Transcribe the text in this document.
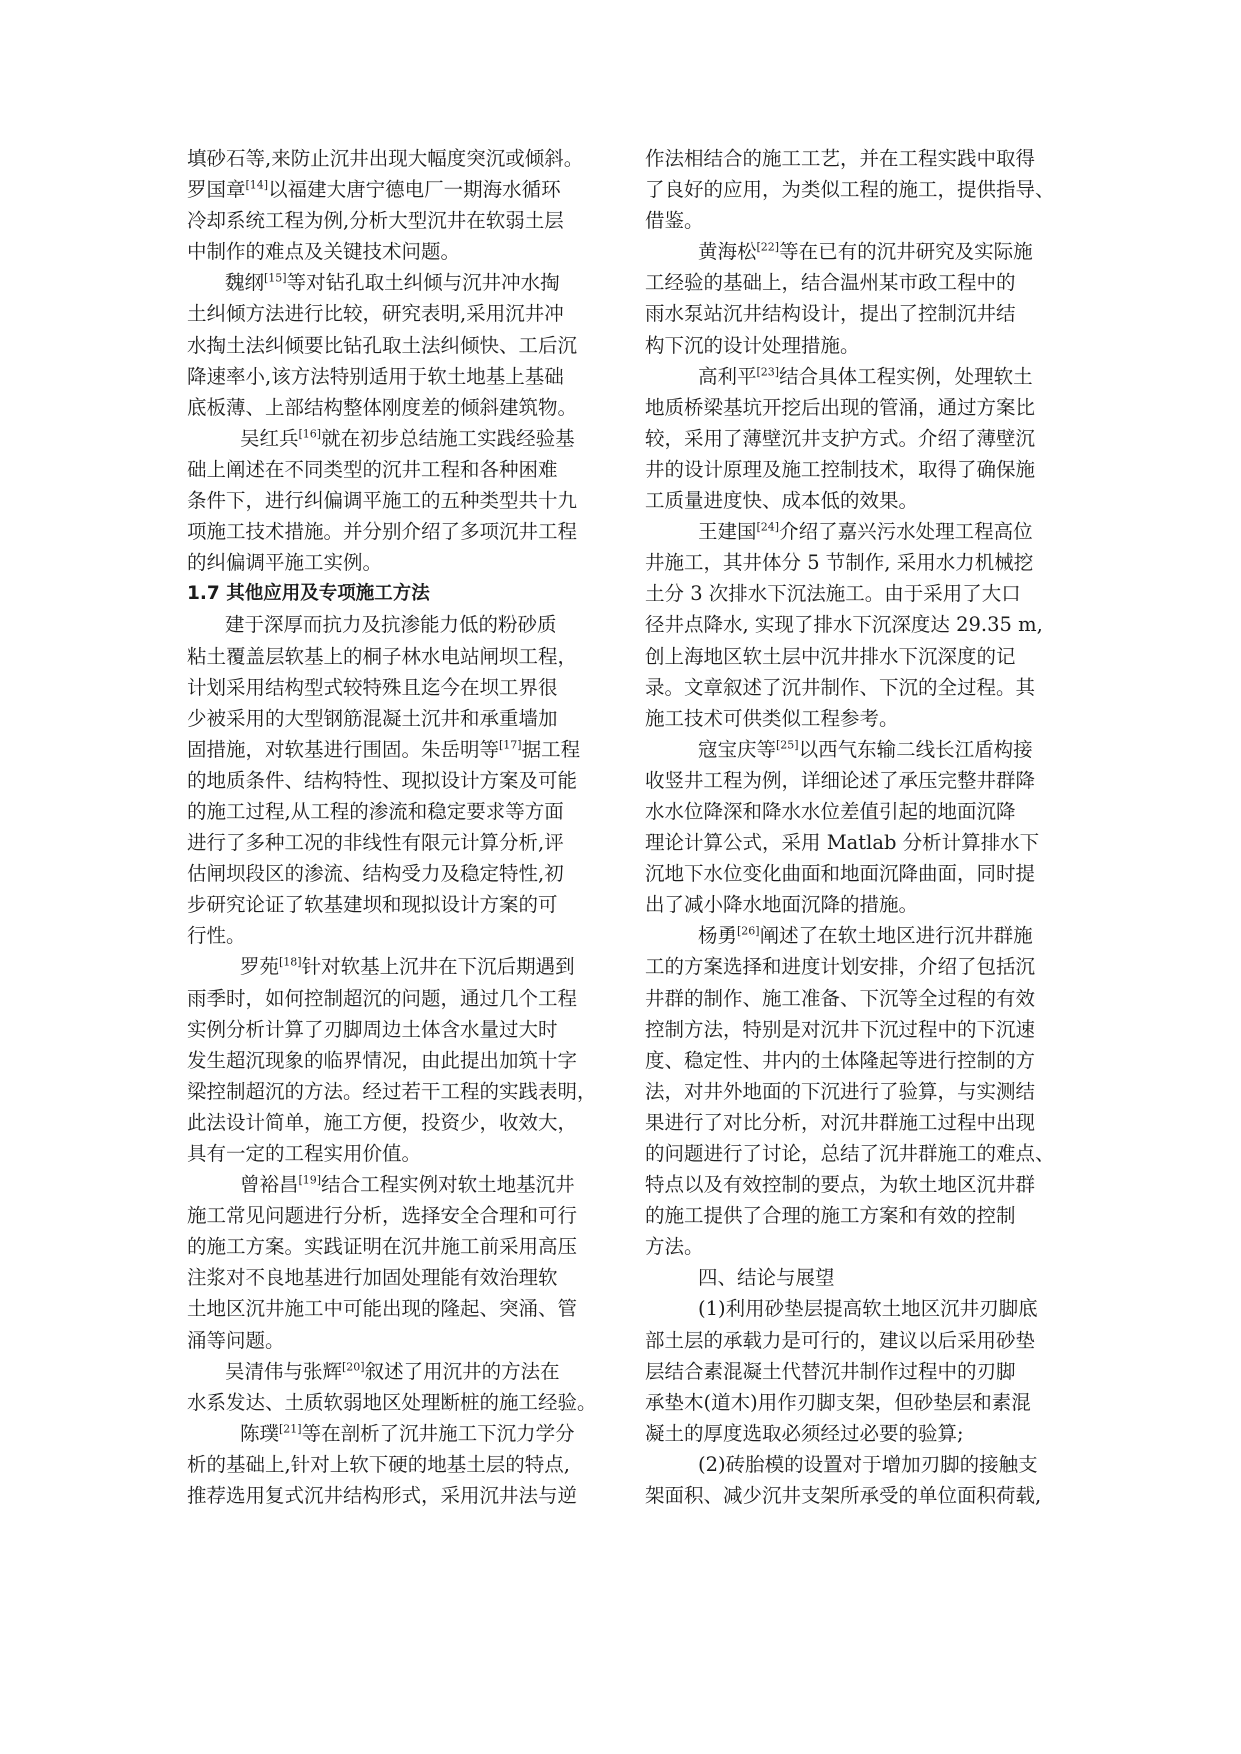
填砂石等,来防止沉井出现大幅度突沉或倾斜。
罗国章[14]以福建大唐宁德电厂一期海水循环
冷却系统工程为例,分析大型沉井在软弱土层
中制作的难点及关键技术问题。
魏纲[15]等对钻孔取土纠倾与沉井冲水掏
土纠倾方法进行比较，研究表明,采用沉井冲
水掏土法纠倾要比钻孔取土法纠倾快、工后沉
降速率小,该方法特别适用于软土地基上基础
底板薄、上部结构整体刚度差的倾斜建筑物。
吴红兵[16]就在初步总结施工实践经验基
础上阐述在不同类型的沉井工程和各种困难
条件下，进行纠偏调平施工的五种类型共十九
项施工技术措施。并分别介绍了多项沉井工程
的纠偏调平施工实例。
1.7 其他应用及专项施工方法
建于深厚而抗力及抗渗能力低的粉砂质
粘土覆盖层软基上的桐子林水电站闸坝工程，
计划采用结构型式较特殊且迄今在坝工界很
少被采用的大型钢筋混凝土沉井和承重墙加
固措施，对软基进行围固。朱岳明等[17]据工程
的地质条件、结构特性、现拟设计方案及可能
的施工过程,从工程的渗流和稳定要求等方面
进行了多种工况的非线性有限元计算分析,评
估闸坝段区的渗流、结构受力及稳定特性,初
步研究论证了软基建坝和现拟设计方案的可
行性。
罗苑[18]针对软基上沉井在下沉后期遇到
雨季时，如何控制超沉的问题，通过几个工程
实例分析计算了刃脚周边土体含水量过大时
发生超沉现象的临界情况，由此提出加筑十字
梁控制超沉的方法。经过若干工程的实践表明，
此法设计简单，施工方便，投资少，收效大，
具有一定的工程实用价值。
曾裕昌[19]结合工程实例对软土地基沉井
施工常见问题进行分析，选择安全合理和可行
的施工方案。实践证明在沉井施工前采用高压
注浆对不良地基进行加固处理能有效治理软
土地区沉井施工中可能出现的隆起、突涌、管
涌等问题。
吴清伟与张辉[20]叙述了用沉井的方法在
水系发达、土质软弱地区处理断桩的施工经验。
陈璞[21]等在剖析了沉井施工下沉力学分
析的基础上,针对上软下硬的地基土层的特点,
推荐选用复式沉井结构形式，采用沉井法与逆
作法相结合的施工工艺，并在工程实践中取得
了良好的应用，为类似工程的施工，提供指导、
借鉴。
黄海松[22]等在已有的沉井研究及实际施
工经验的基础上，结合温州某市政工程中的
雨水泵站沉井结构设计，提出了控制沉井结
构下沉的设计处理措施。
高利平[23]结合具体工程实例，处理软土
地质桥梁基坑开挖后出现的管涌，通过方案比
较，采用了薄壁沉井支护方式。介绍了薄壁沉
井的设计原理及施工控制技术，取得了确保施
工质量进度快、成本低的效果。
王建国[24]介绍了嘉兴污水处理工程高位
井施工，其井体分 5 节制作, 采用水力机械挖
土分 3 次排水下沉法施工。由于采用了大口
径井点降水, 实现了排水下沉深度达 29.35 m,
创上海地区软土层中沉井排水下沉深度的记
录。文章叙述了沉井制作、下沉的全过程。其
施工技术可供类似工程参考。
寇宝庆等[25]以西气东输二线长江盾构接
收竖井工程为例，详细论述了承压完整井群降
水水位降深和降水水位差值引起的地面沉降
理论计算公式，采用 Matlab 分析计算排水下
沉地下水位变化曲面和地面沉降曲面，同时提
出了减小降水地面沉降的措施。
杨勇[26]阐述了在软土地区进行沉井群施
工的方案选择和进度计划安排，介绍了包括沉
井群的制作、施工准备、下沉等全过程的有效
控制方法，特别是对沉井下沉过程中的下沉速
度、稳定性、井内的土体隆起等进行控制的方
法，对井外地面的下沉进行了验算，与实测结
果进行了对比分析，对沉井群施工过程中出现
的问题进行了讨论，总结了沉井群施工的难点、
特点以及有效控制的要点，为软土地区沉井群
的施工提供了合理的施工方案和有效的控制
方法。
四、结论与展望
(1)利用砂垫层提高软土地区沉井刃脚底
部土层的承载力是可行的，建议以后采用砂垫
层结合素混凝土代替沉井制作过程中的刃脚
承垫木(道木)用作刃脚支架，但砂垫层和素混
凝土的厚度选取必须经过必要的验算;
(2)砖胎模的设置对于增加刃脚的接触支
架面积、减少沉井支架所承受的单位面积荷载,
